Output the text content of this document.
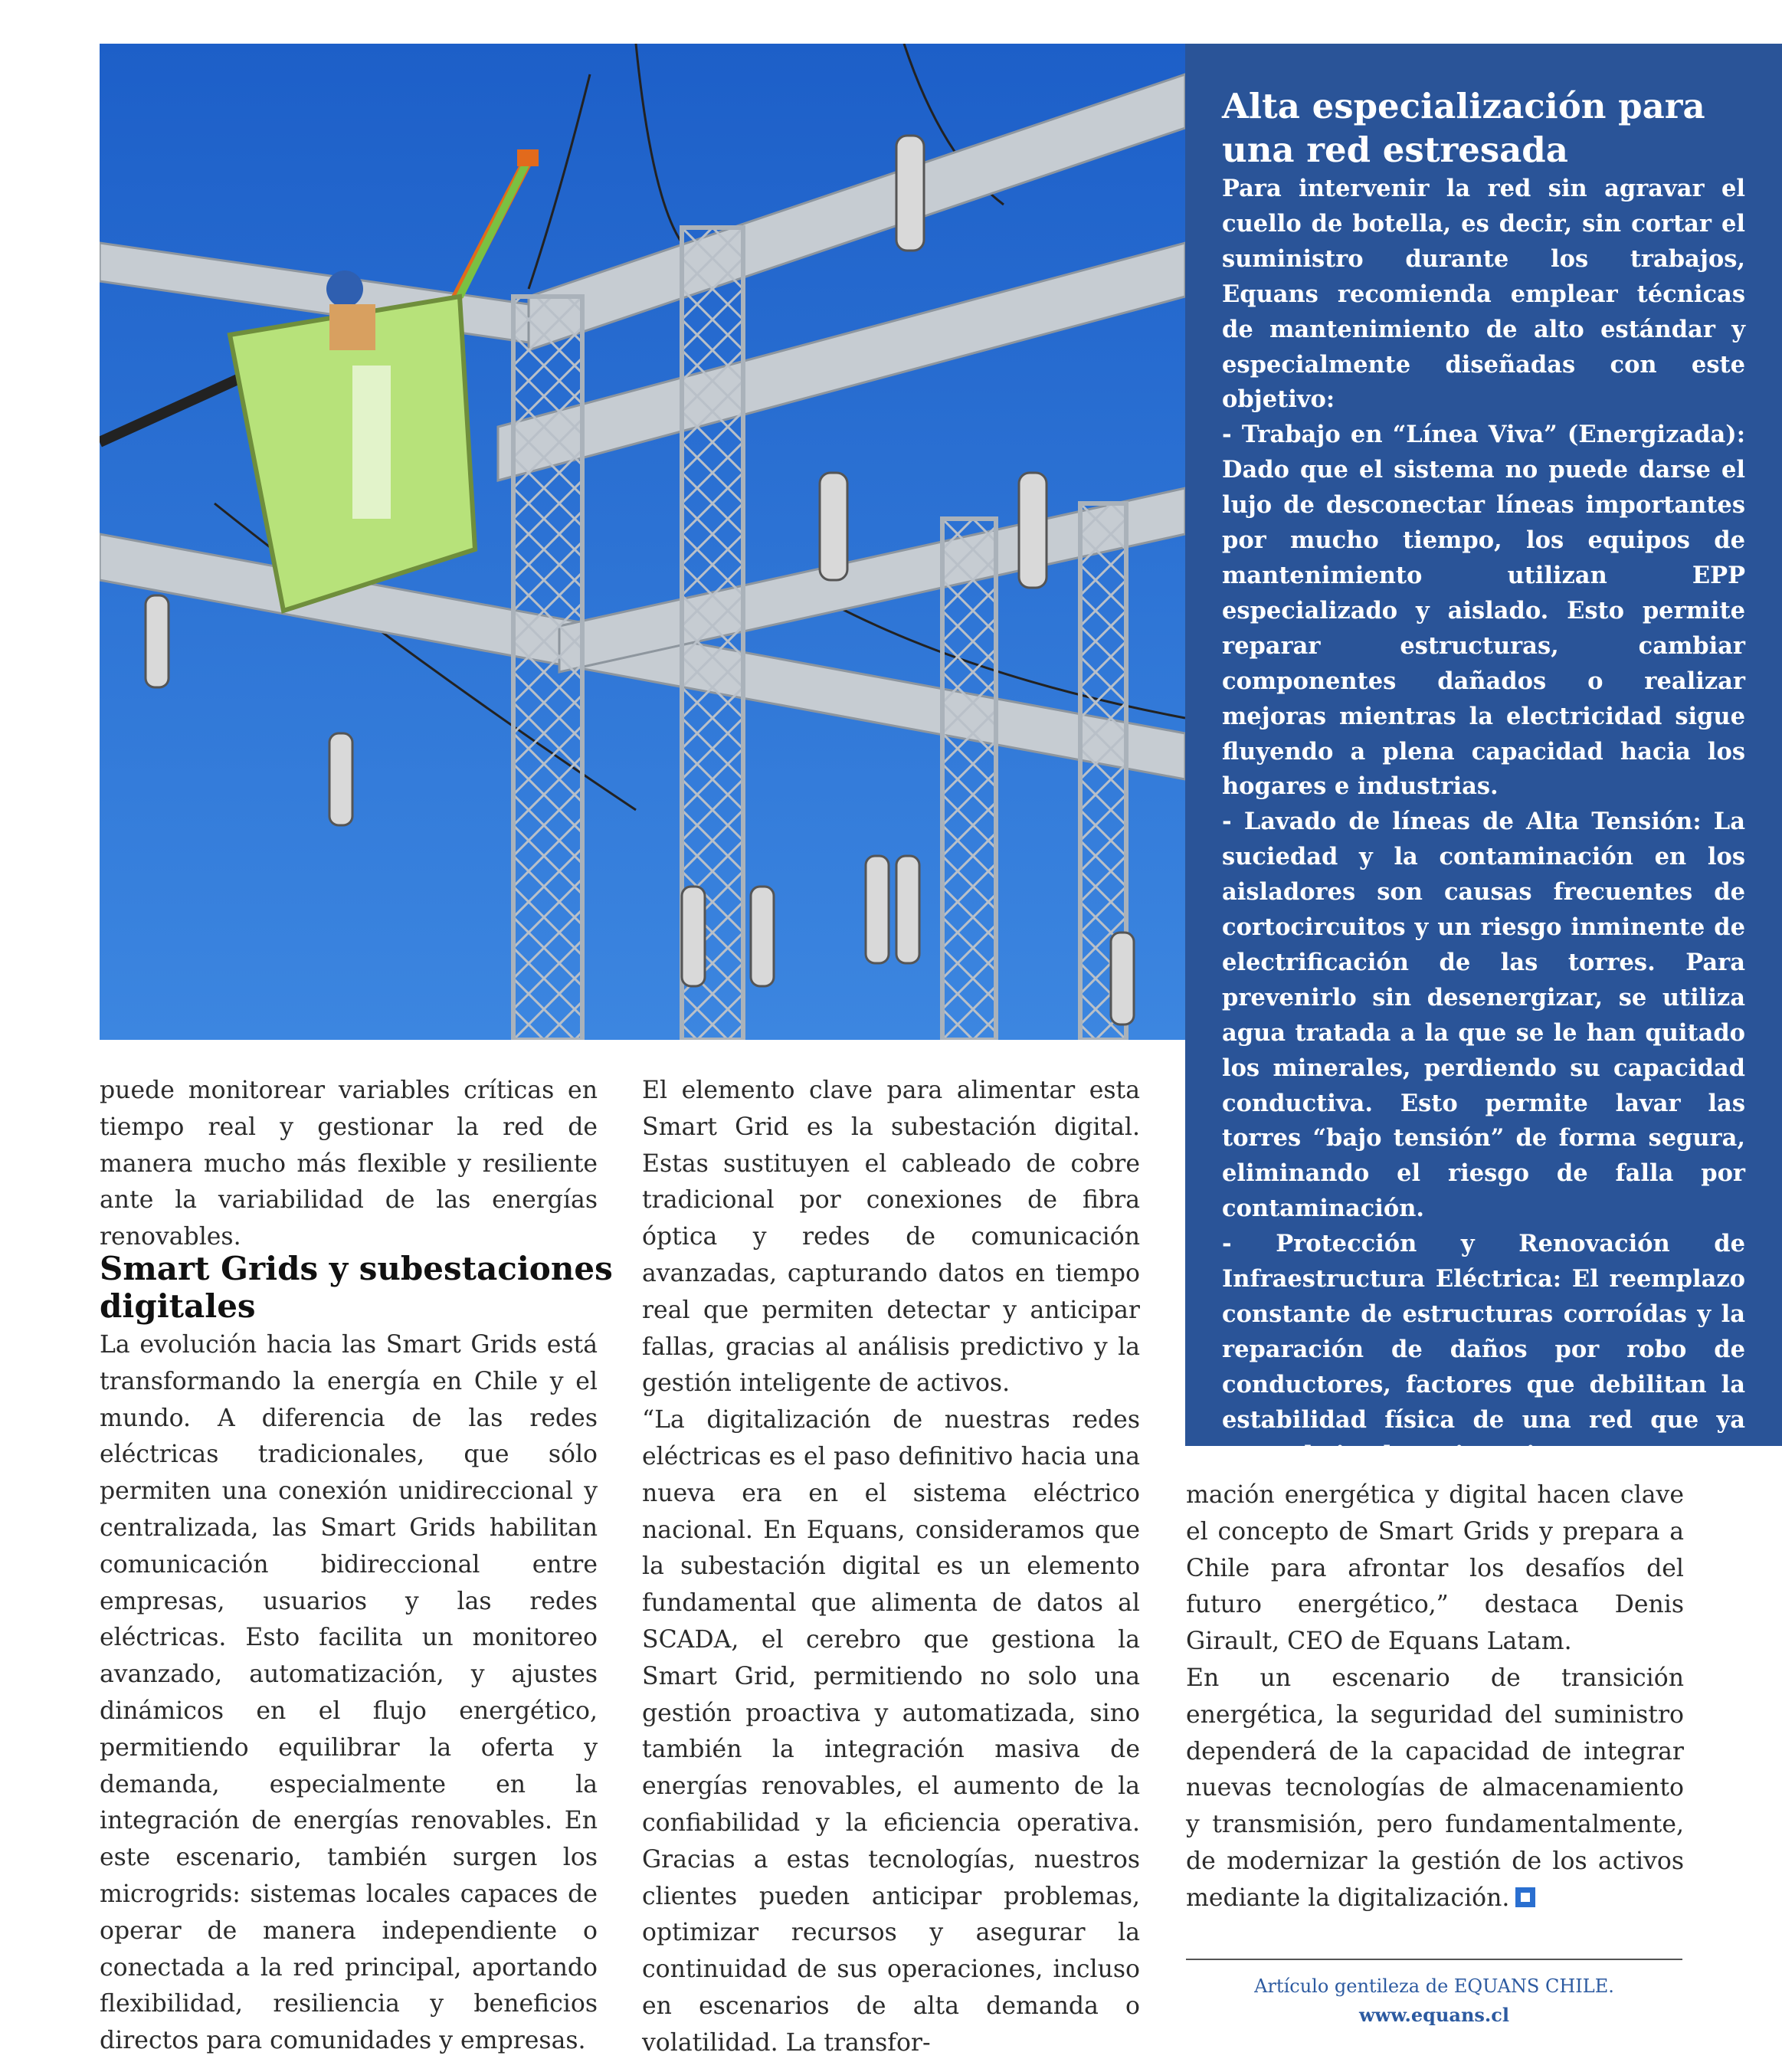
Alta especialización para una red estresada

Para intervenir la red sin agravar el cuello de botella, es decir, sin cortar el suministro durante los trabajos, Equans recomienda emplear técnicas de mantenimiento de alto estándar y especialmente diseñadas con este objetivo:

- Trabajo en “Línea Viva” (Energizada): Dado que el sistema no puede darse el lujo de desconectar líneas importantes por mucho tiempo, los equipos de mantenimiento utilizan EPP especializado y aislado. Esto permite reparar estructuras, cambiar componentes dañados o realizar mejoras mientras la electricidad sigue fluyendo a plena capacidad hacia los hogares e industrias.

- Lavado de líneas de Alta Tensión: La suciedad y la contaminación en los aisladores son causas frecuentes de cortocircuitos y un riesgo inminente de electrificación de las torres. Para prevenirlo sin desenergizar, se utiliza agua tratada a la que se le han quitado los minerales, perdiendo su capacidad conductiva. Esto permite lavar las torres “bajo tensión” de forma segura, eliminando el riesgo de falla por contaminación.

- Protección y Renovación de Infraestructura Eléctrica: El reemplazo constante de estructuras corroídas y la reparación de daños por robo de conductores, factores que debilitan la estabilidad física de una red que ya opera bajo alta exigencia.

puede monitorear variables críticas en tiempo real y gestionar la red de manera mucho más flexible y resiliente ante la variabilidad de las energías renovables.

Smart Grids y subestaciones digitales

La evolución hacia las Smart Grids está transformando la energía en Chile y el mundo. A diferencia de las redes eléctricas tradicionales, que sólo permiten una conexión unidireccional y centralizada, las Smart Grids habilitan comunicación bidireccional entre empresas, usuarios y las redes eléctricas. Esto facilita un monitoreo avanzado, automatización, y ajustes dinámicos en el flujo energético, permitiendo equilibrar la oferta y demanda, especialmente en la integración de energías renovables. En este escenario, también surgen los microgrids: sistemas locales capaces de operar de manera independiente o conectada a la red principal, aportando flexibilidad, resiliencia y beneficios directos para comunidades y empresas.

El elemento clave para alimentar esta Smart Grid es la subestación digital. Estas sustituyen el cableado de cobre tradicional por conexiones de fibra óptica y redes de comunicación avanzadas, capturando datos en tiempo real que permiten detectar y anticipar fallas, gracias al análisis predictivo y la gestión inteligente de activos.

“La digitalización de nuestras redes eléctricas es el paso definitivo hacia una nueva era en el sistema eléctrico nacional. En Equans, consideramos que la subestación digital es un elemento fundamental que alimenta de datos al SCADA, el cerebro que gestiona la Smart Grid, permitiendo no solo una gestión proactiva y automatizada, sino también la integración masiva de energías renovables, el aumento de la confiabilidad y la eficiencia operativa. Gracias a estas tecnologías, nuestros clientes pueden anticipar problemas, optimizar recursos y asegurar la continuidad de sus operaciones, incluso en escenarios de alta demanda o volatilidad. La transfor-

mación energética y digital hacen clave el concepto de Smart Grids y prepara a Chile para afrontar los desafíos del futuro energético,” destaca Denis Girault, CEO de Equans Latam.

En un escenario de transición energética, la seguridad del suministro dependerá de la capacidad de integrar nuevas tecnologías de almacenamiento y transmisión, pero fundamentalmente, de modernizar la gestión de los activos mediante la digitalización.

Artículo gentileza de EQUANS CHILE.
www.equans.cl
